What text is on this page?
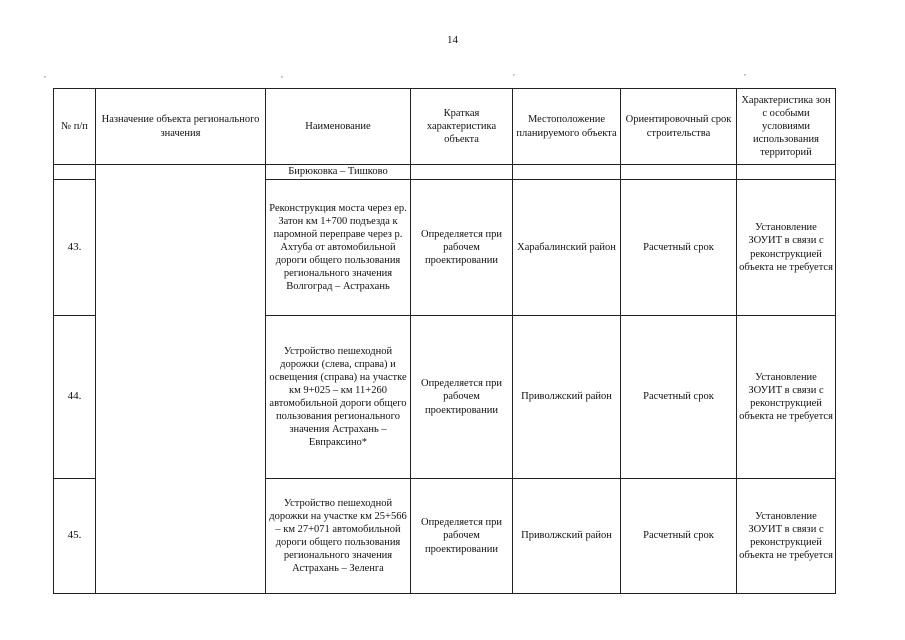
14
,	,	,	,
№ п/п	Назначение объекта регионального значения	Наименование	Краткая характеристика объекта	Местоположение планируемого объекта	Ориентировочный срок строительства	Характеристика зон с особыми условиями использования территорий
		Бирюковка – Тишково				
43.		Реконструкция моста через ер. Затон км 1+700 подъезда к паромной переправе через р. Ахтуба от автомобильной дороги общего пользования регионального значения Волгоград – Астрахань	Определяется при рабочем проектировании	Харабалинский район	Расчетный срок	Установление ЗОУИТ в связи с реконструкцией объекта не требуется
44.		Устройство пешеходной дорожки (слева, справа) и освещения (справа) на участке км 9+025 – км 11+260 автомобильной дороги общего пользования регионального значения Астрахань – Евпраксино*	Определяется при рабочем проектировании	Приволжский район	Расчетный срок	Установление ЗОУИТ в связи с реконструкцией объекта не требуется
45.		Устройство пешеходной дорожки на участке км 25+566 – км 27+071 автомобильной дороги общего пользования регионального значения Астрахань – Зеленга	Определяется при рабочем проектировании	Приволжский район	Расчетный срок	Установление ЗОУИТ в связи с реконструкцией объекта не требуется
